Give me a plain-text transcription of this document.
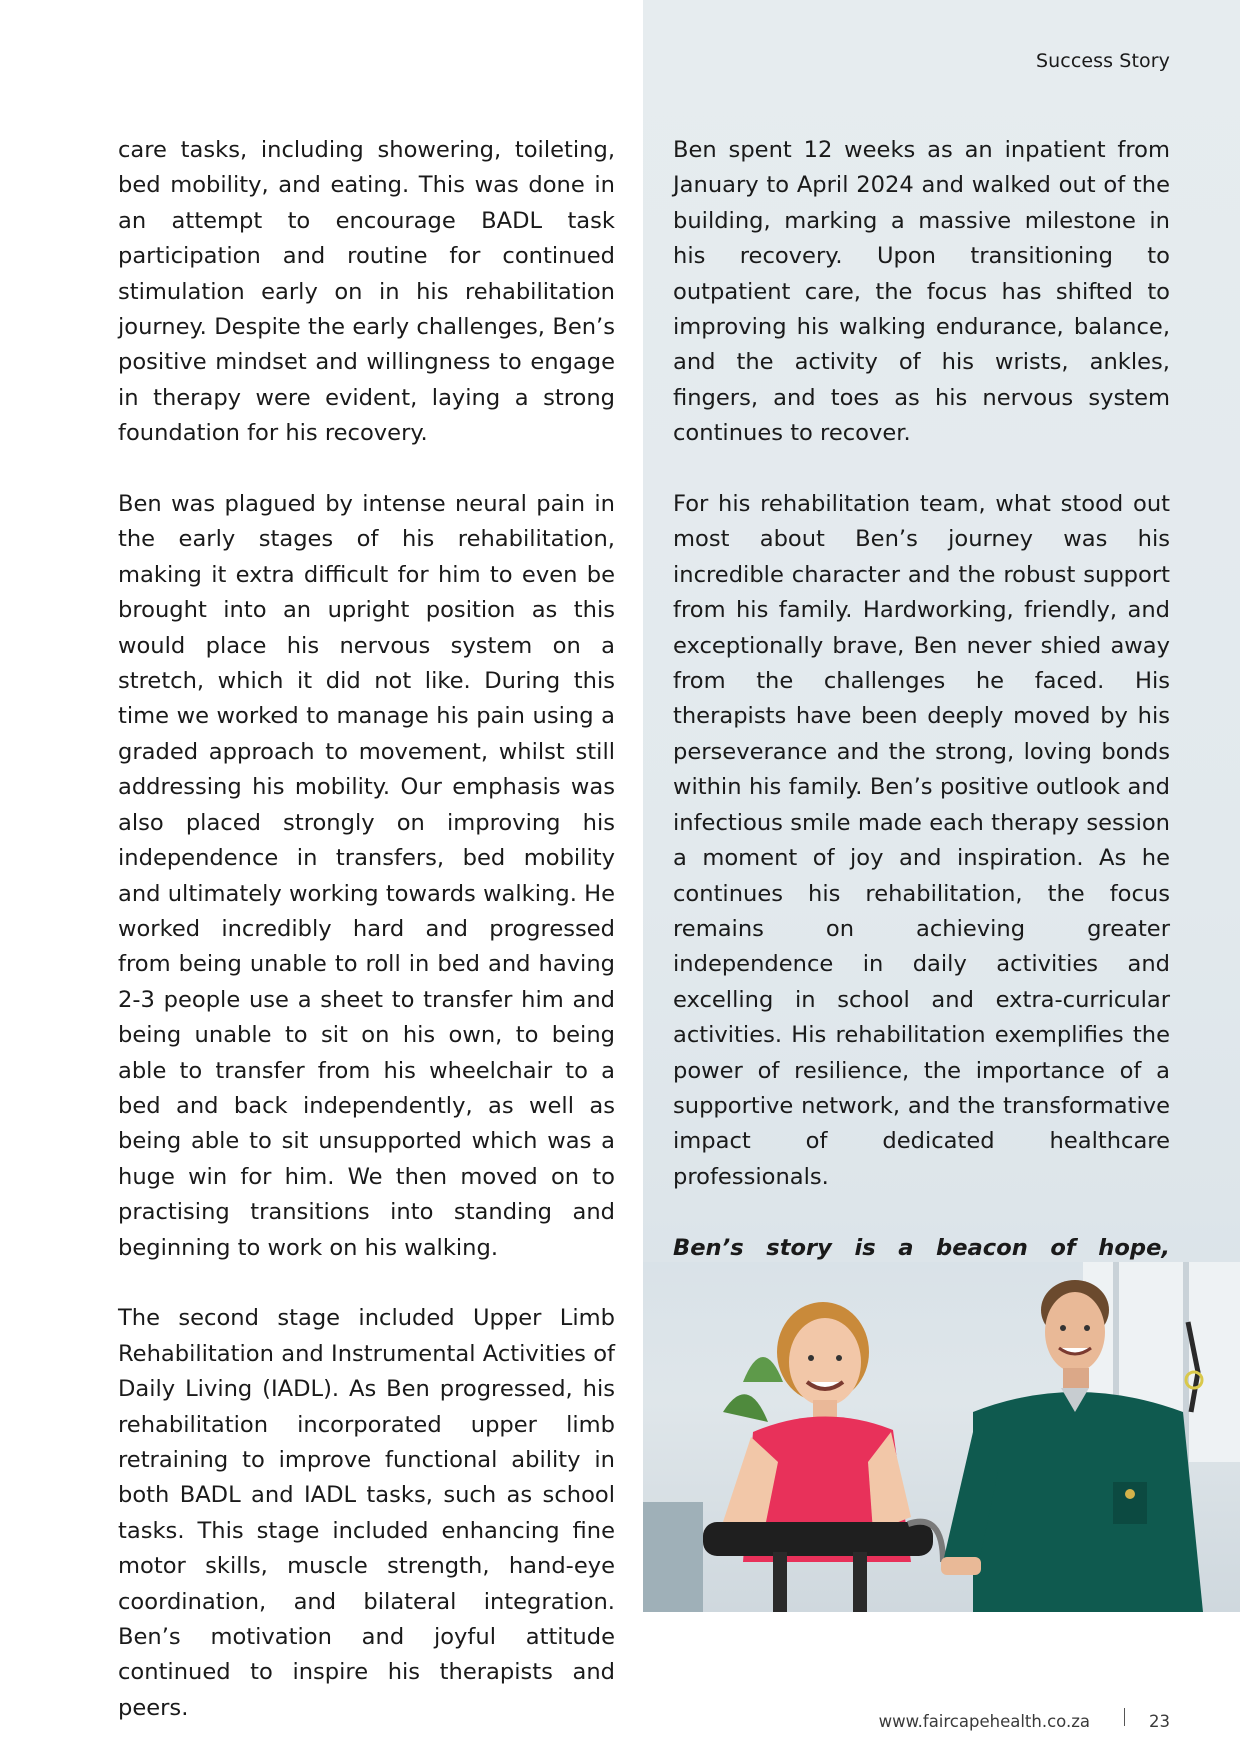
Success Story

care tasks, including showering, toileting, bed mobility, and eating. This was done in an attempt to encourage BADL task participation and routine for continued stimulation early on in his rehabilitation journey. Despite the early challenges, Ben’s positive mindset and willingness to engage in therapy were evident, laying a strong foundation for his recovery.

Ben was plagued by intense neural pain in the early stages of his rehabilitation, making it extra difficult for him to even be brought into an upright position as this would place his nervous system on a stretch, which it did not like. During this time we worked to manage his pain using a graded approach to movement, whilst still addressing his mobility. Our emphasis was also placed strongly on improving his independence in transfers, bed mobility and ultimately working towards walking. He worked incredibly hard and progressed from being unable to roll in bed and having 2-3 people use a sheet to transfer him and being unable to sit on his own, to being able to transfer from his wheelchair to a bed and back independently, as well as being able to sit unsupported which was a huge win for him. We then moved on to practising transitions into standing and beginning to work on his walking.

The second stage included Upper Limb Rehabilitation and Instrumental Activities of Daily Living (IADL). As Ben progressed, his rehabilitation incorporated upper limb retraining to improve functional ability in both BADL and IADL tasks, such as school tasks. This stage included enhancing fine motor skills, muscle strength, hand-eye coordination, and bilateral integration. Ben’s motivation and joyful attitude continued to inspire his therapists and peers.

Ben spent 12 weeks as an inpatient from January to April 2024 and walked out of the building, marking a massive milestone in his recovery. Upon transitioning to outpatient care, the focus has shifted to improving his walking endurance, balance, and the activity of his wrists, ankles, fingers, and toes as his nervous system continues to recover.

For his rehabilitation team, what stood out most about Ben’s journey was his incredible character and the robust support from his family. Hardworking, friendly, and exceptionally brave, Ben never shied away from the challenges he faced. His therapists have been deeply moved by his perseverance and the strong, loving bonds within his family. Ben’s positive outlook and infectious smile made each therapy session a moment of joy and inspiration. As he continues his rehabilitation, the focus remains on achieving greater independence in daily activities and excelling in school and extra-curricular activities. His rehabilitation exemplifies the power of resilience, the importance of a supportive network, and the transformative impact of dedicated healthcare professionals.

Ben’s story is a beacon of hope,

www.faircapehealth.co.za	23
